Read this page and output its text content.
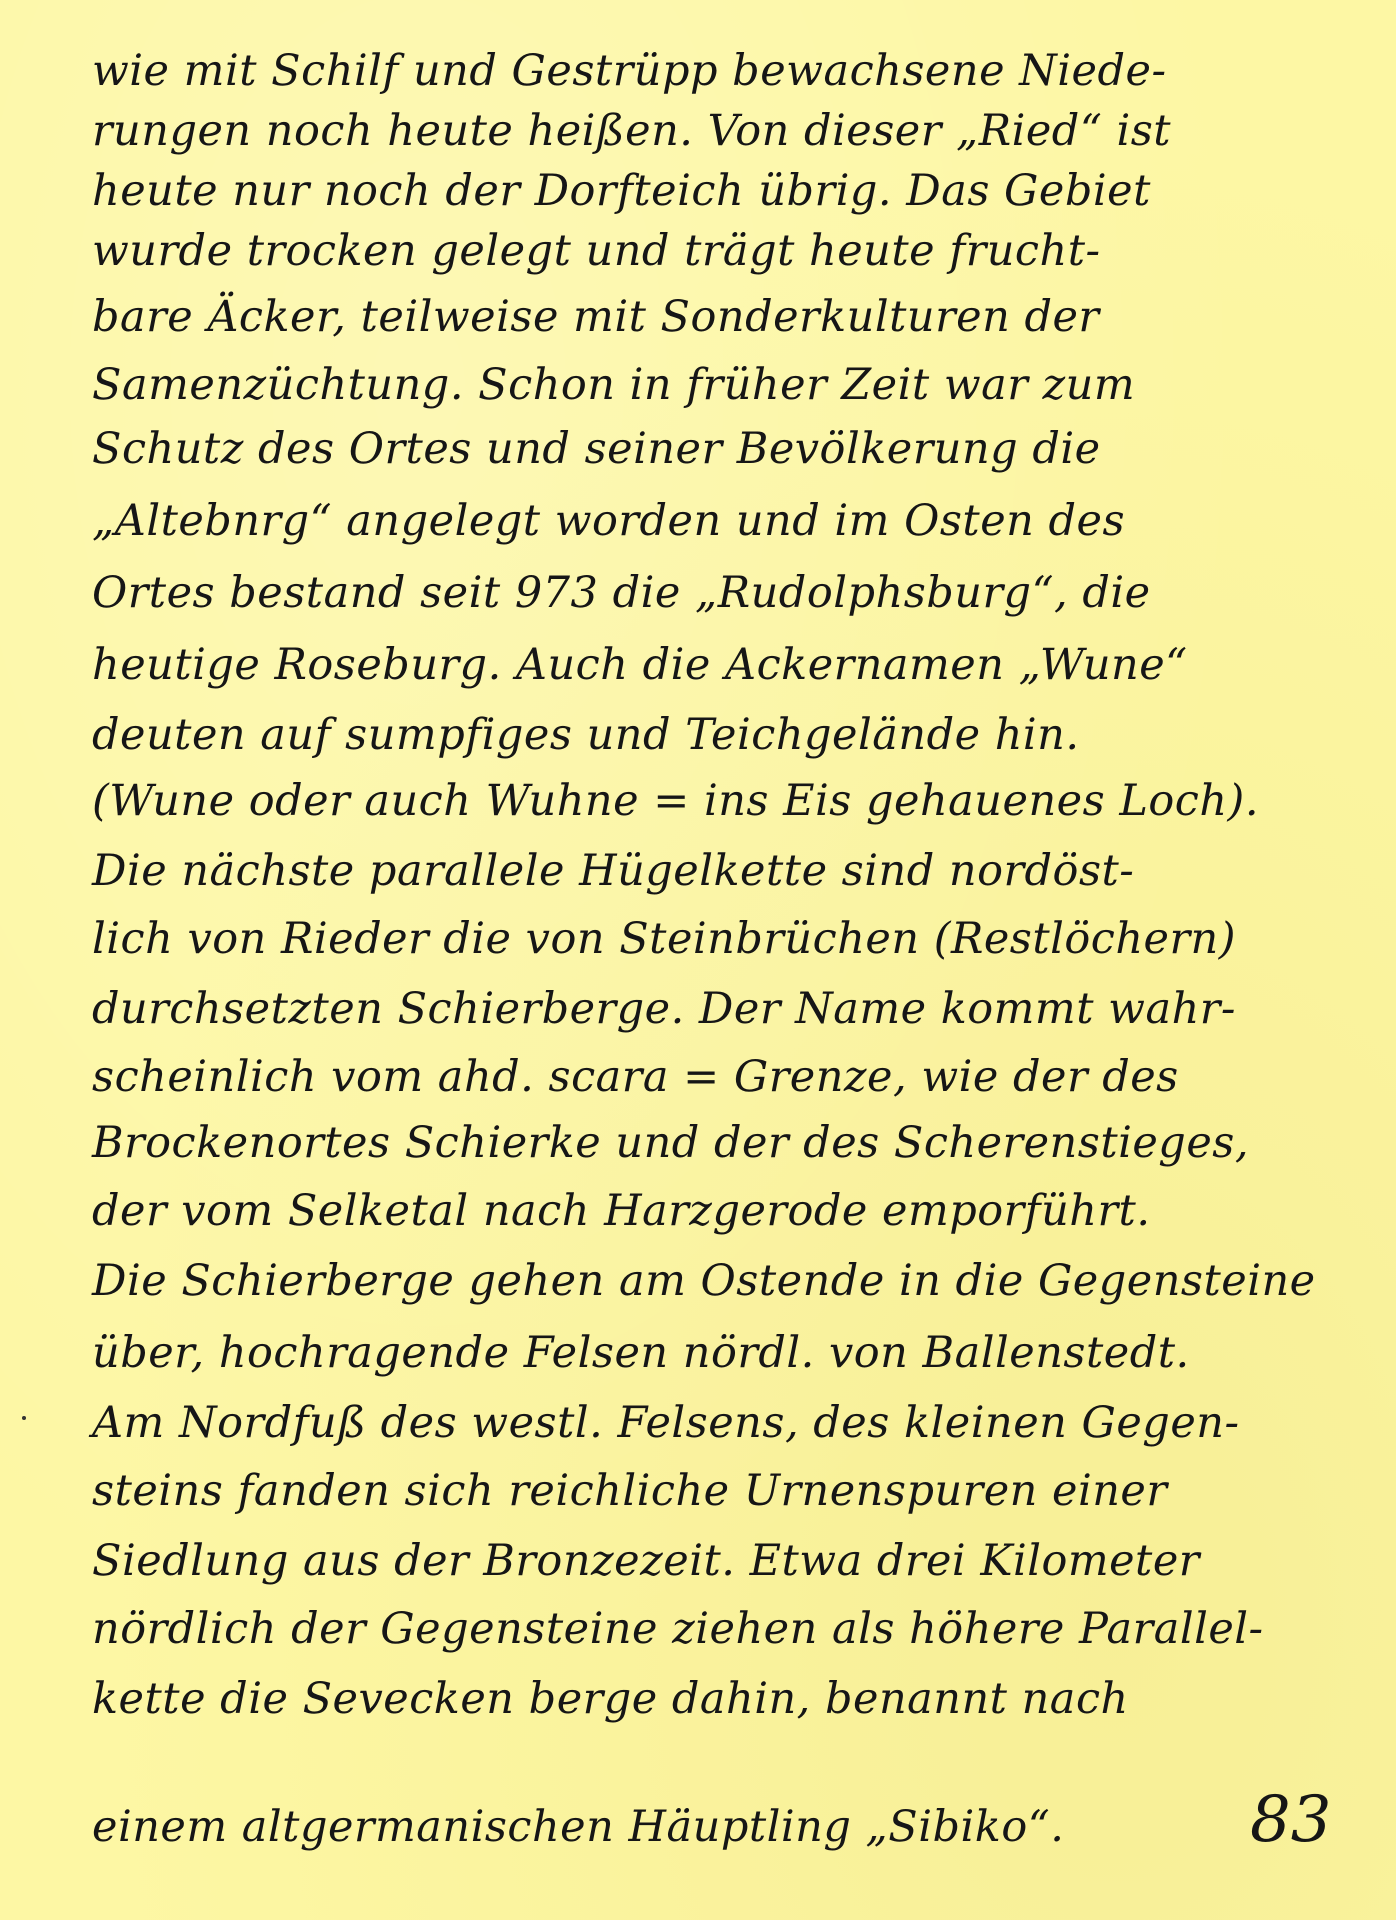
wie mit Schilf und Gestrüpp bewachsene Niede-
rungen noch heute heißen. Von dieser „Ried“ ist
heute nur noch der Dorfteich übrig. Das Gebiet
wurde trocken gelegt und trägt heute frucht-
bare Äcker, teilweise mit Sonderkulturen der
Samenzüchtung. Schon in früher Zeit war zum
Schutz des Ortes und seiner Bevölkerung die
„Altebnrg“ angelegt worden und im Osten des
Ortes bestand seit 973 die „Rudolphsburg“, die
heutige Roseburg. Auch die Ackernamen „Wune“
deuten auf sumpfiges und Teichgelände hin.
(Wune oder auch Wuhne = ins Eis gehauenes Loch).
Die nächste parallele Hügelkette sind nordöst-
lich von Rieder die von Steinbrüchen (Restlöchern)
durchsetzten Schierberge. Der Name kommt wahr-
scheinlich vom ahd. scara = Grenze, wie der des
Brockenortes Schierke und der des Scherenstieges,
der vom Selketal nach Harzgerode emporführt.
Die Schierberge gehen am Ostende in die Gegensteine
über, hochragende Felsen nördl. von Ballenstedt.
Am Nordfuß des westl. Felsens, des kleinen Gegen-
steins fanden sich reichliche Urnenspuren einer
Siedlung aus der Bronzezeit. Etwa drei Kilometer
nördlich der Gegensteine ziehen als höhere Parallel-
kette die Sevecken berge dahin, benannt nach
einem altgermanischen Häuptling „Sibiko“.	83
